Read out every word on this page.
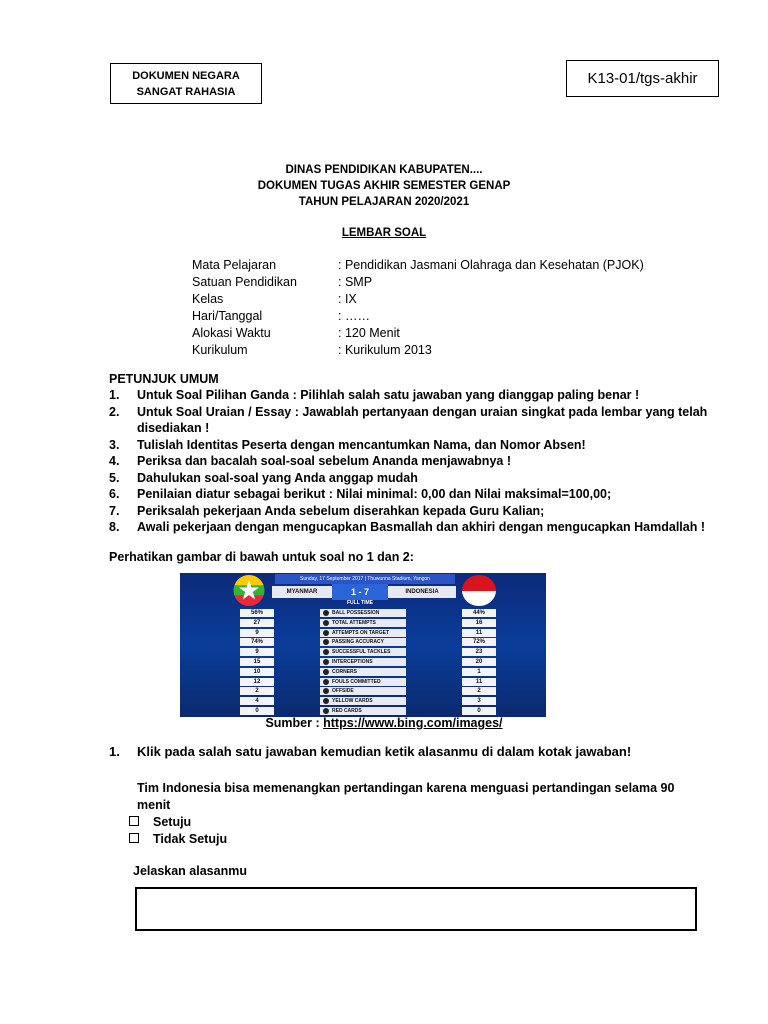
DOKUMEN NEGARA
SANGAT RAHASIA
K13-01/tgs-akhir
DINAS PENDIDIKAN KABUPATEN....
DOKUMEN TUGAS AKHIR SEMESTER GENAP
TAHUN PELAJARAN 2020/2021
LEMBAR SOAL
Mata Pelajaran	: Pendidikan Jasmani Olahraga dan Kesehatan (PJOK)
Satuan Pendidikan	: SMP
Kelas	: IX
Hari/Tanggal	: ……
Alokasi Waktu	: 120 Menit
Kurikulum	: Kurikulum 2013
PETUNJUK UMUM
1. Untuk Soal Pilihan Ganda : Pilihlah salah satu jawaban yang dianggap paling benar !
2. Untuk Soal Uraian / Essay : Jawablah pertanyaan dengan uraian singkat pada lembar yang telah disediakan !
3. Tulislah Identitas Peserta dengan mencantumkan Nama, dan Nomor Absen!
4. Periksa dan bacalah soal-soal sebelum Ananda menjawabnya !
5. Dahulukan soal-soal yang Anda anggap mudah
6. Penilaian diatur sebagai berikut : Nilai minimal: 0,00 dan Nilai maksimal=100,00;
7. Periksalah pekerjaan Anda sebelum diserahkan kepada Guru Kalian;
8. Awali pekerjaan dengan mengucapkan Basmallah dan akhiri dengan mengucapkan Hamdallah !
Perhatikan gambar di bawah untuk soal no 1 dan 2:
Sunday, 17 September 2017 | Thuwunna Stadium, Yangon
MYANMAR	1 - 7	INDONESIA
FULL TIME
56%	BALL POSSESSION	44%
27	TOTAL ATTEMPTS	16
9	ATTEMPTS ON TARGET	11
74%	PASSING ACCURACY	72%
9	SUCCESSFUL TACKLES	23
15	INTERCEPTIONS	20
10	CORNERS	1
12	FOULS COMMITTED	11
2	OFFSIDE	2
4	YELLOW CARDS	3
0	RED CARDS	0
Sumber : https://www.bing.com/images/
1. Klik pada salah satu jawaban kemudian ketik alasanmu di dalam kotak jawaban!
Tim Indonesia bisa memenangkan pertandingan karena menguasi pertandingan selama 90 menit
Setuju
Tidak Setuju
Jelaskan alasanmu
